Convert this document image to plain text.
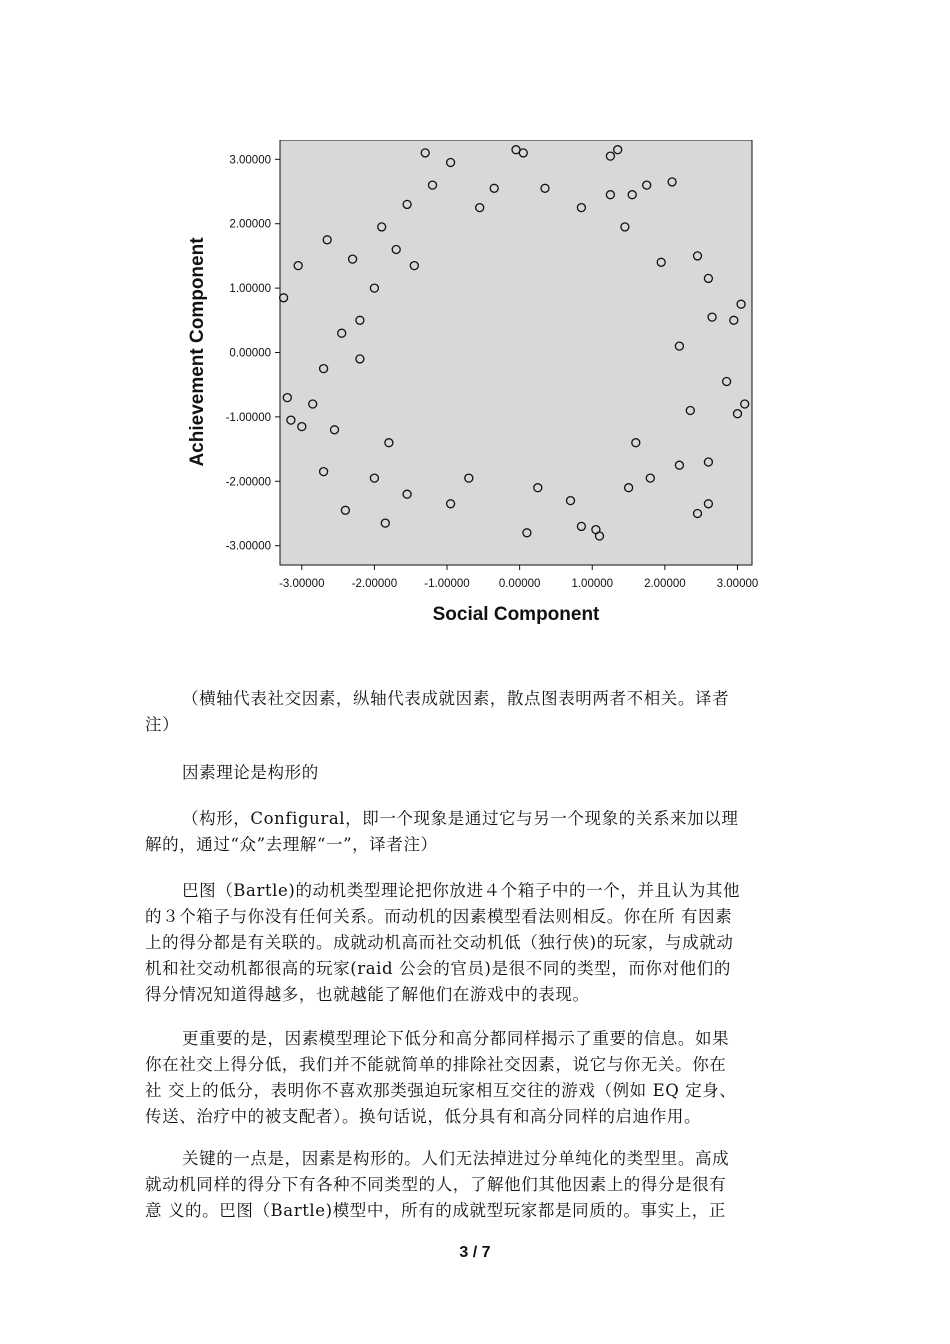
-3.00000 -2.00000 -1.00000	0.00000	1.00000	2.00000	3.00000
3.00000
2.00000
1.00000
0.00000
-1.00000
-2.00000
-3.00000
Social Component
Achievement Component

（横轴代表社交因素，纵轴代表成就因素，散点图表明两者不相关。译者

注）

因素理论是构形的

（构形，Configural，即一个现象是通过它与另一个现象的关系来加以理

解的，通过“众”去理解“一”，译者注）

巴图（Bartle)的动机类型理论把你放进４个箱子中的一个，并且认为其他

的３个箱子与你没有任何关系。而动机的因素模型看法则相反。你在所 有因素

上的得分都是有关联的。成就动机高而社交动机低（独行侠)的玩家，与成就动

机和社交动机都很高的玩家(raid 公会的官员)是很不同的类型，而你对他们的

得分情况知道得越多，也就越能了解他们在游戏中的表现。

更重要的是，因素模型理论下低分和高分都同样揭示了重要的信息。如果

你在社交上得分低，我们并不能就简单的排除社交因素，说它与你无关。你在

社 交上的低分，表明你不喜欢那类强迫玩家相互交往的游戏（例如 EQ 定身、

传送、治疗中的被支配者）。换句话说，低分具有和高分同样的启迪作用。

关键的一点是，因素是构形的。人们无法掉进过分单纯化的类型里。高成

就动机同样的得分下有各种不同类型的人，了解他们其他因素上的得分是很有

意 义的。巴图（Bartle)模型中，所有的成就型玩家都是同质的。事实上，正

3 / 7
